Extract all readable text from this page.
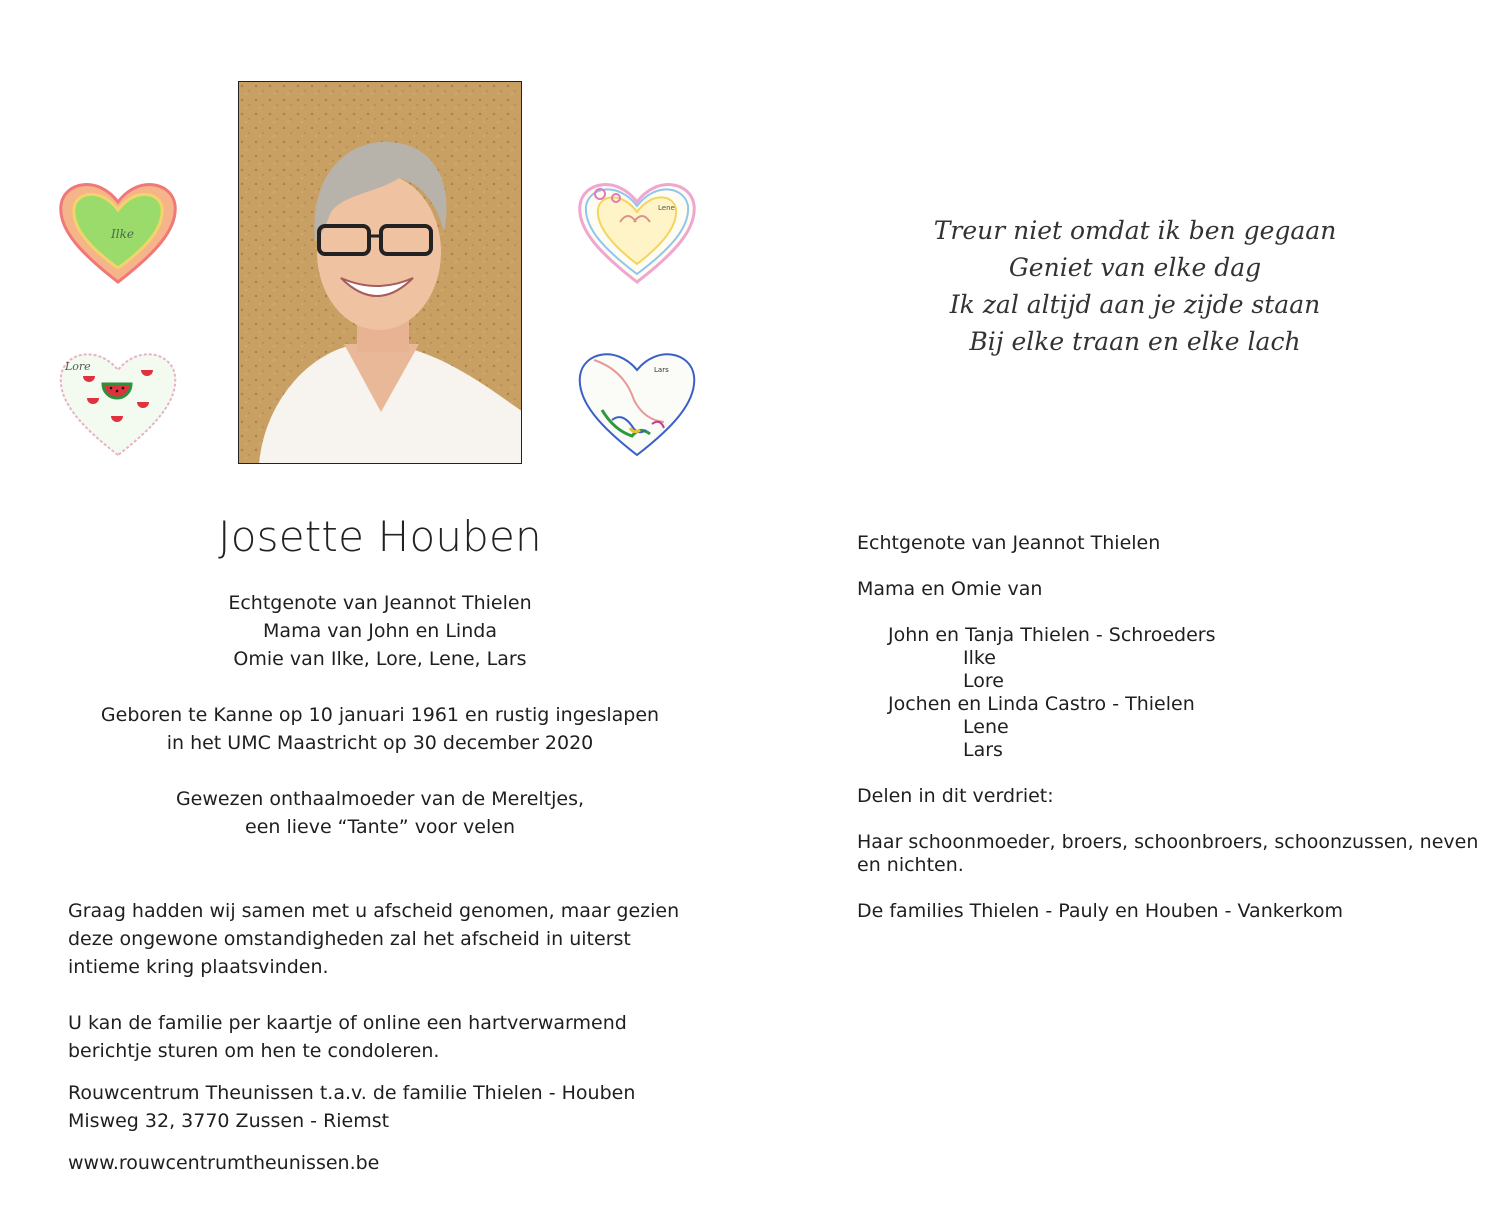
Ilke
Lene
Lore	Lars
Treur niet omdat ik ben gegaan
Geniet van elke dag
Ik zal altijd aan je zijde staan
Bij elke traan en elke lach
Josette Houben
Echtgenote van Jeannot Thielen
Mama van John en Linda
Omie van Ilke, Lore, Lene, Lars
Geboren te Kanne op 10 januari 1961 en rustig ingeslapen
in het UMC Maastricht op 30 december 2020
Gewezen onthaalmoeder van de Mereltjes,
een lieve “Tante” voor velen
Graag hadden wij samen met u afscheid genomen, maar gezien deze ongewone omstandigheden zal het afscheid in uiterst intieme kring plaatsvinden.
U kan de familie per kaartje of online een hartverwarmend berichtje sturen om hen te condoleren.
Rouwcentrum Theunissen t.a.v. de familie Thielen - Houben
Misweg 32, 3770 Zussen - Riemst
www.rouwcentrumtheunissen.be
Echtgenote van Jeannot Thielen
Mama en Omie van
John en Tanja Thielen - Schroeders
Ilke
Lore
Jochen en Linda Castro - Thielen
Lene
Lars
Delen in dit verdriet:
Haar schoonmoeder, broers, schoonbroers, schoonzussen, neven
en nichten.
De families Thielen - Pauly en Houben - Vankerkom
